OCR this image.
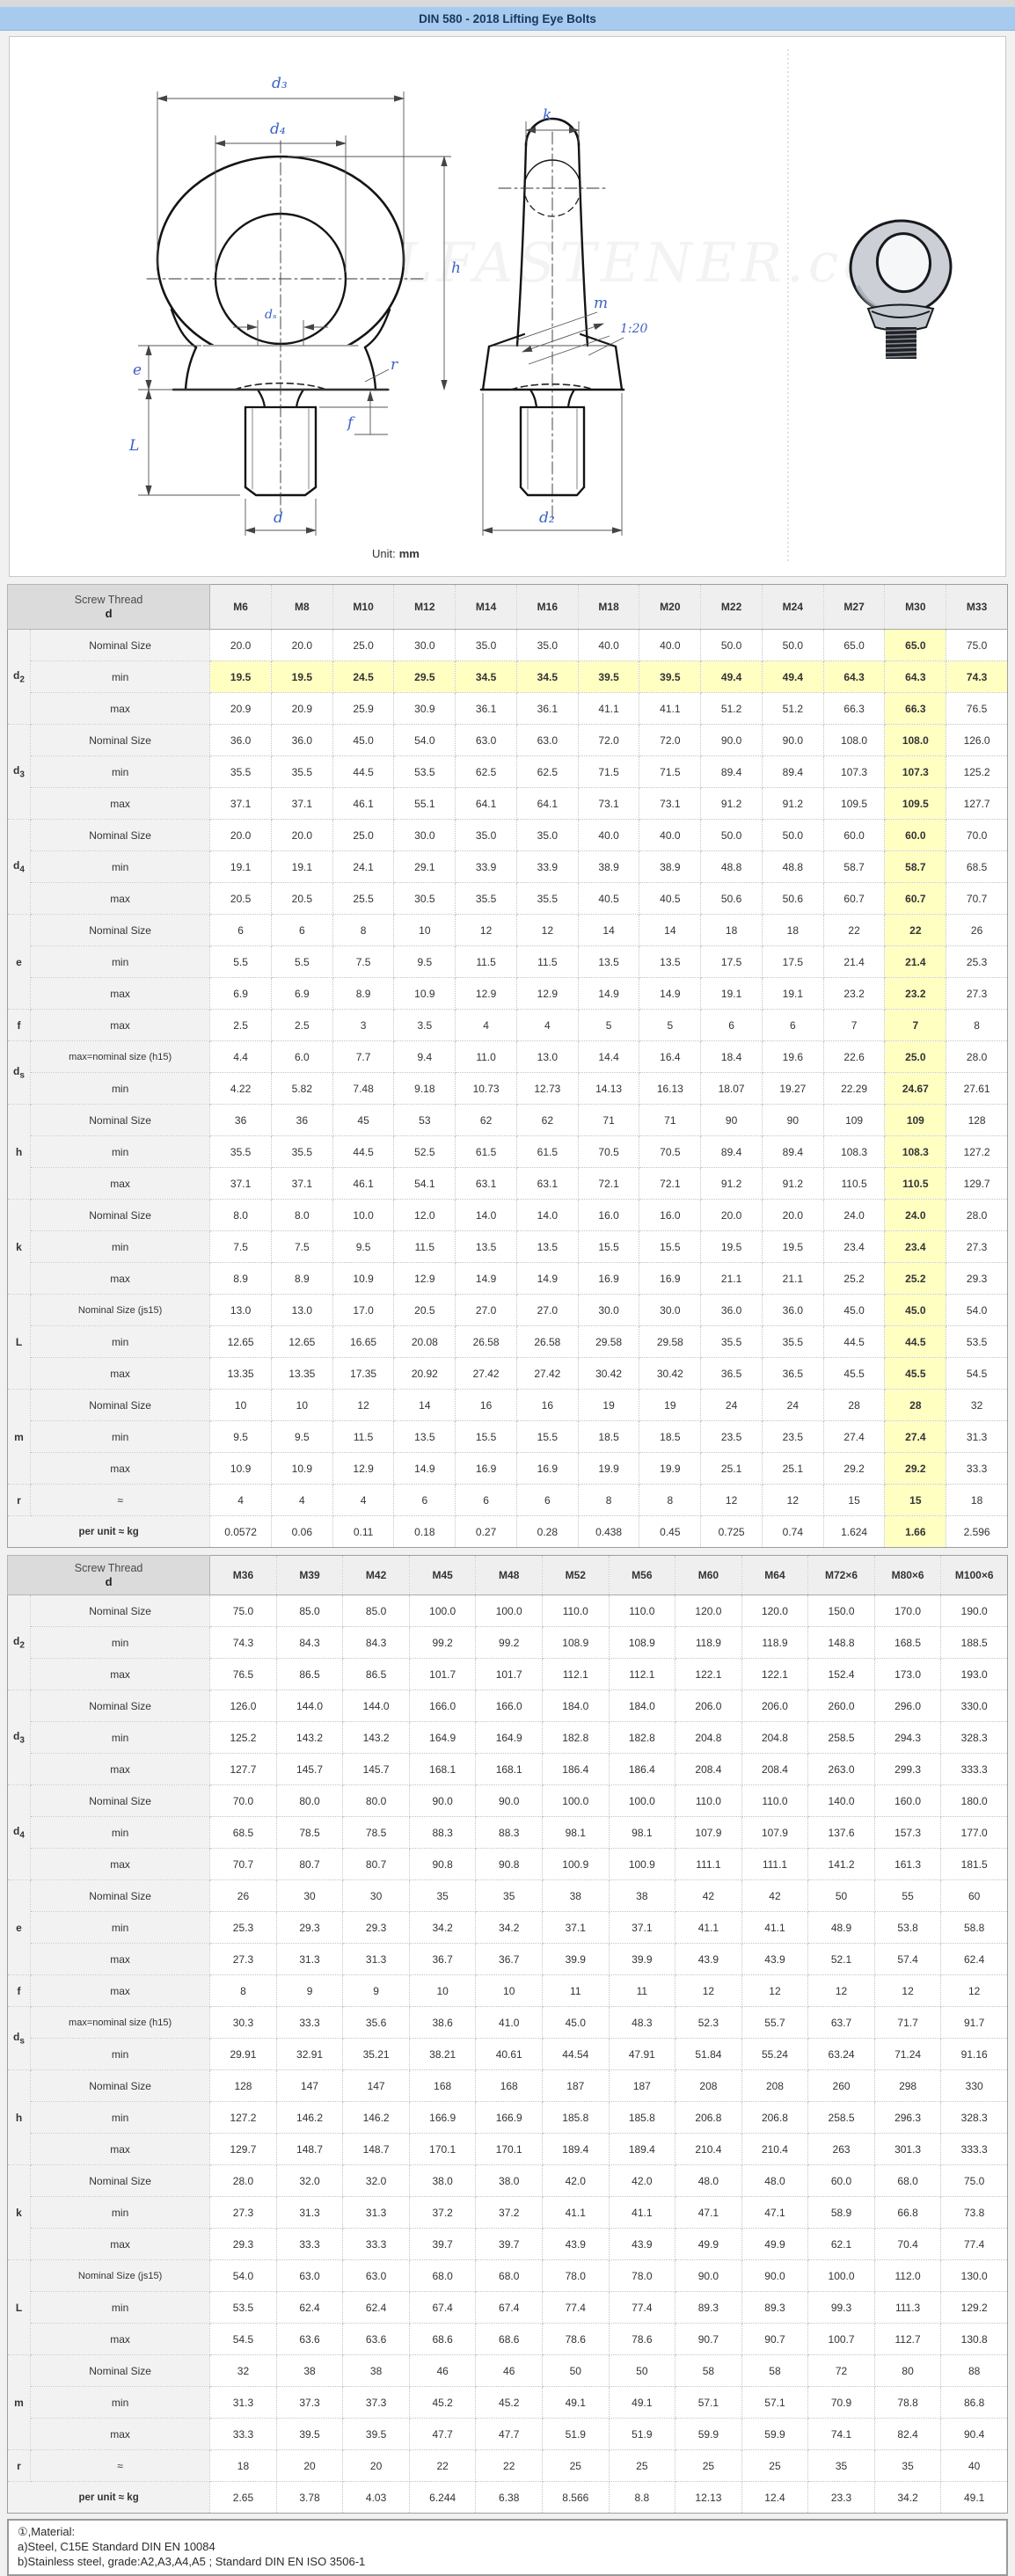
DIN 580 - 2018 Lifting Eye Bolts
d₃
d₄
dₛ
h
e
L
f
d
r
k
m
1:20
d₂
Unit: mm
Screw Thread
d		M6	M8	M10	M12	M14	M16	M18	M20	M22	M24	M27	M30	M33
$d_2$	Nominal Size	20.0	20.0	25.0	30.0	35.0	35.0	40.0	40.0	50.0	50.0	65.0	65.0	75.0
	min	19.5	19.5	24.5	29.5	34.5	34.5	39.5	39.5	49.4	49.4	64.3	64.3	74.3
	max	20.9	20.9	25.9	30.9	36.1	36.1	41.1	41.1	51.2	51.2	66.3	66.3	76.5
$d_3$	Nominal Size	36.0	36.0	45.0	54.0	63.0	63.0	72.0	72.0	90.0	90.0	108.0	108.0	126.0
	min	35.5	35.5	44.5	53.5	62.5	62.5	71.5	71.5	89.4	89.4	107.3	107.3	125.2
	max	37.1	37.1	46.1	55.1	64.1	64.1	73.1	73.1	91.2	91.2	109.5	109.5	127.7
$d_4$	Nominal Size	20.0	20.0	25.0	30.0	35.0	35.0	40.0	40.0	50.0	50.0	60.0	60.0	70.0
	min	19.1	19.1	24.1	29.1	33.9	33.9	38.9	38.9	48.8	48.8	58.7	58.7	68.5
	max	20.5	20.5	25.5	30.5	35.5	35.5	40.5	40.5	50.6	50.6	60.7	60.7	70.7
e	Nominal Size	6	6	8	10	12	12	14	14	18	18	22	22	26
	min	5.5	5.5	7.5	9.5	11.5	11.5	13.5	13.5	17.5	17.5	21.4	21.4	25.3
	max	6.9	6.9	8.9	10.9	12.9	12.9	14.9	14.9	19.1	19.1	23.2	23.2	27.3
f	max	2.5	2.5	3	3.5	4	4	5	5	6	6	7	7	8
$d_s$	max=nominal size (h15)	4.4	6.0	7.7	9.4	11.0	13.0	14.4	16.4	18.4	19.6	22.6	25.0	28.0
	min	4.22	5.82	7.48	9.18	10.73	12.73	14.13	16.13	18.07	19.27	22.29	24.67	27.61
h	Nominal Size	36	36	45	53	62	62	71	71	90	90	109	109	128
	min	35.5	35.5	44.5	52.5	61.5	61.5	70.5	70.5	89.4	89.4	108.3	108.3	127.2
	max	37.1	37.1	46.1	54.1	63.1	63.1	72.1	72.1	91.2	91.2	110.5	110.5	129.7
k	Nominal Size	8.0	8.0	10.0	12.0	14.0	14.0	16.0	16.0	20.0	20.0	24.0	24.0	28.0
	min	7.5	7.5	9.5	11.5	13.5	13.5	15.5	15.5	19.5	19.5	23.4	23.4	27.3
	max	8.9	8.9	10.9	12.9	14.9	14.9	16.9	16.9	21.1	21.1	25.2	25.2	29.3
L	Nominal Size (js15)	13.0	13.0	17.0	20.5	27.0	27.0	30.0	30.0	36.0	36.0	45.0	45.0	54.0
	min	12.65	12.65	16.65	20.08	26.58	26.58	29.58	29.58	35.5	35.5	44.5	44.5	53.5
	max	13.35	13.35	17.35	20.92	27.42	27.42	30.42	30.42	36.5	36.5	45.5	45.5	54.5
m	Nominal Size	10	10	12	14	16	16	19	19	24	24	28	28	32
	min	9.5	9.5	11.5	13.5	15.5	15.5	18.5	18.5	23.5	23.5	27.4	27.4	31.3
	max	10.9	10.9	12.9	14.9	16.9	16.9	19.9	19.9	25.1	25.1	29.2	29.2	33.3
r	≈	4	4	4	6	6	6	8	8	12	12	15	15	18
per unit ≈ kg		0.0572	0.06	0.11	0.18	0.27	0.28	0.438	0.45	0.725	0.74	1.624	1.66	2.596
Screw Thread
d		M36	M39	M42	M45	M48	M52	M56	M60	M64	M72×6	M80×6	M100×6
$d_2$	Nominal Size	75.0	85.0	85.0	100.0	100.0	110.0	110.0	120.0	120.0	150.0	170.0	190.0
	min	74.3	84.3	84.3	99.2	99.2	108.9	108.9	118.9	118.9	148.8	168.5	188.5
	max	76.5	86.5	86.5	101.7	101.7	112.1	112.1	122.1	122.1	152.4	173.0	193.0
$d_3$	Nominal Size	126.0	144.0	144.0	166.0	166.0	184.0	184.0	206.0	206.0	260.0	296.0	330.0
	min	125.2	143.2	143.2	164.9	164.9	182.8	182.8	204.8	204.8	258.5	294.3	328.3
	max	127.7	145.7	145.7	168.1	168.1	186.4	186.4	208.4	208.4	263.0	299.3	333.3
$d_4$	Nominal Size	70.0	80.0	80.0	90.0	90.0	100.0	100.0	110.0	110.0	140.0	160.0	180.0
	min	68.5	78.5	78.5	88.3	88.3	98.1	98.1	107.9	107.9	137.6	157.3	177.0
	max	70.7	80.7	80.7	90.8	90.8	100.9	100.9	111.1	111.1	141.2	161.3	181.5
e	Nominal Size	26	30	30	35	35	38	38	42	42	50	55	60
	min	25.3	29.3	29.3	34.2	34.2	37.1	37.1	41.1	41.1	48.9	53.8	58.8
	max	27.3	31.3	31.3	36.7	36.7	39.9	39.9	43.9	43.9	52.1	57.4	62.4
f	max	8	9	9	10	10	11	11	12	12	12	12	12
$d_s$	max=nominal size (h15)	30.3	33.3	35.6	38.6	41.0	45.0	48.3	52.3	55.7	63.7	71.7	91.7
	min	29.91	32.91	35.21	38.21	40.61	44.54	47.91	51.84	55.24	63.24	71.24	91.16
h	Nominal Size	128	147	147	168	168	187	187	208	208	260	298	330
	min	127.2	146.2	146.2	166.9	166.9	185.8	185.8	206.8	206.8	258.5	296.3	328.3
	max	129.7	148.7	148.7	170.1	170.1	189.4	189.4	210.4	210.4	263	301.3	333.3
k	Nominal Size	28.0	32.0	32.0	38.0	38.0	42.0	42.0	48.0	48.0	60.0	68.0	75.0
	min	27.3	31.3	31.3	37.2	37.2	41.1	41.1	47.1	47.1	58.9	66.8	73.8
	max	29.3	33.3	33.3	39.7	39.7	43.9	43.9	49.9	49.9	62.1	70.4	77.4
L	Nominal Size (js15)	54.0	63.0	63.0	68.0	68.0	78.0	78.0	90.0	90.0	100.0	112.0	130.0
	min	53.5	62.4	62.4	67.4	67.4	77.4	77.4	89.3	89.3	99.3	111.3	129.2
	max	54.5	63.6	63.6	68.6	68.6	78.6	78.6	90.7	90.7	100.7	112.7	130.8
m	Nominal Size	32	38	38	46	46	50	50	58	58	72	80	88
	min	31.3	37.3	37.3	45.2	45.2	49.1	49.1	57.1	57.1	70.9	78.8	86.8
	max	33.3	39.5	39.5	47.7	47.7	51.9	51.9	59.9	59.9	74.1	82.4	90.4
r	≈	18	20	20	22	22	25	25	25	25	35	35	40
per unit ≈ kg		2.65	3.78	4.03	6.244	6.38	8.566	8.8	12.13	12.4	23.3	34.2	49.1
①,Material:
a)Steel, C15E Standard DIN EN 10084
b)Stainless steel, grade:A2,A3,A4,A5 ; Standard DIN EN ISO 3506-1
